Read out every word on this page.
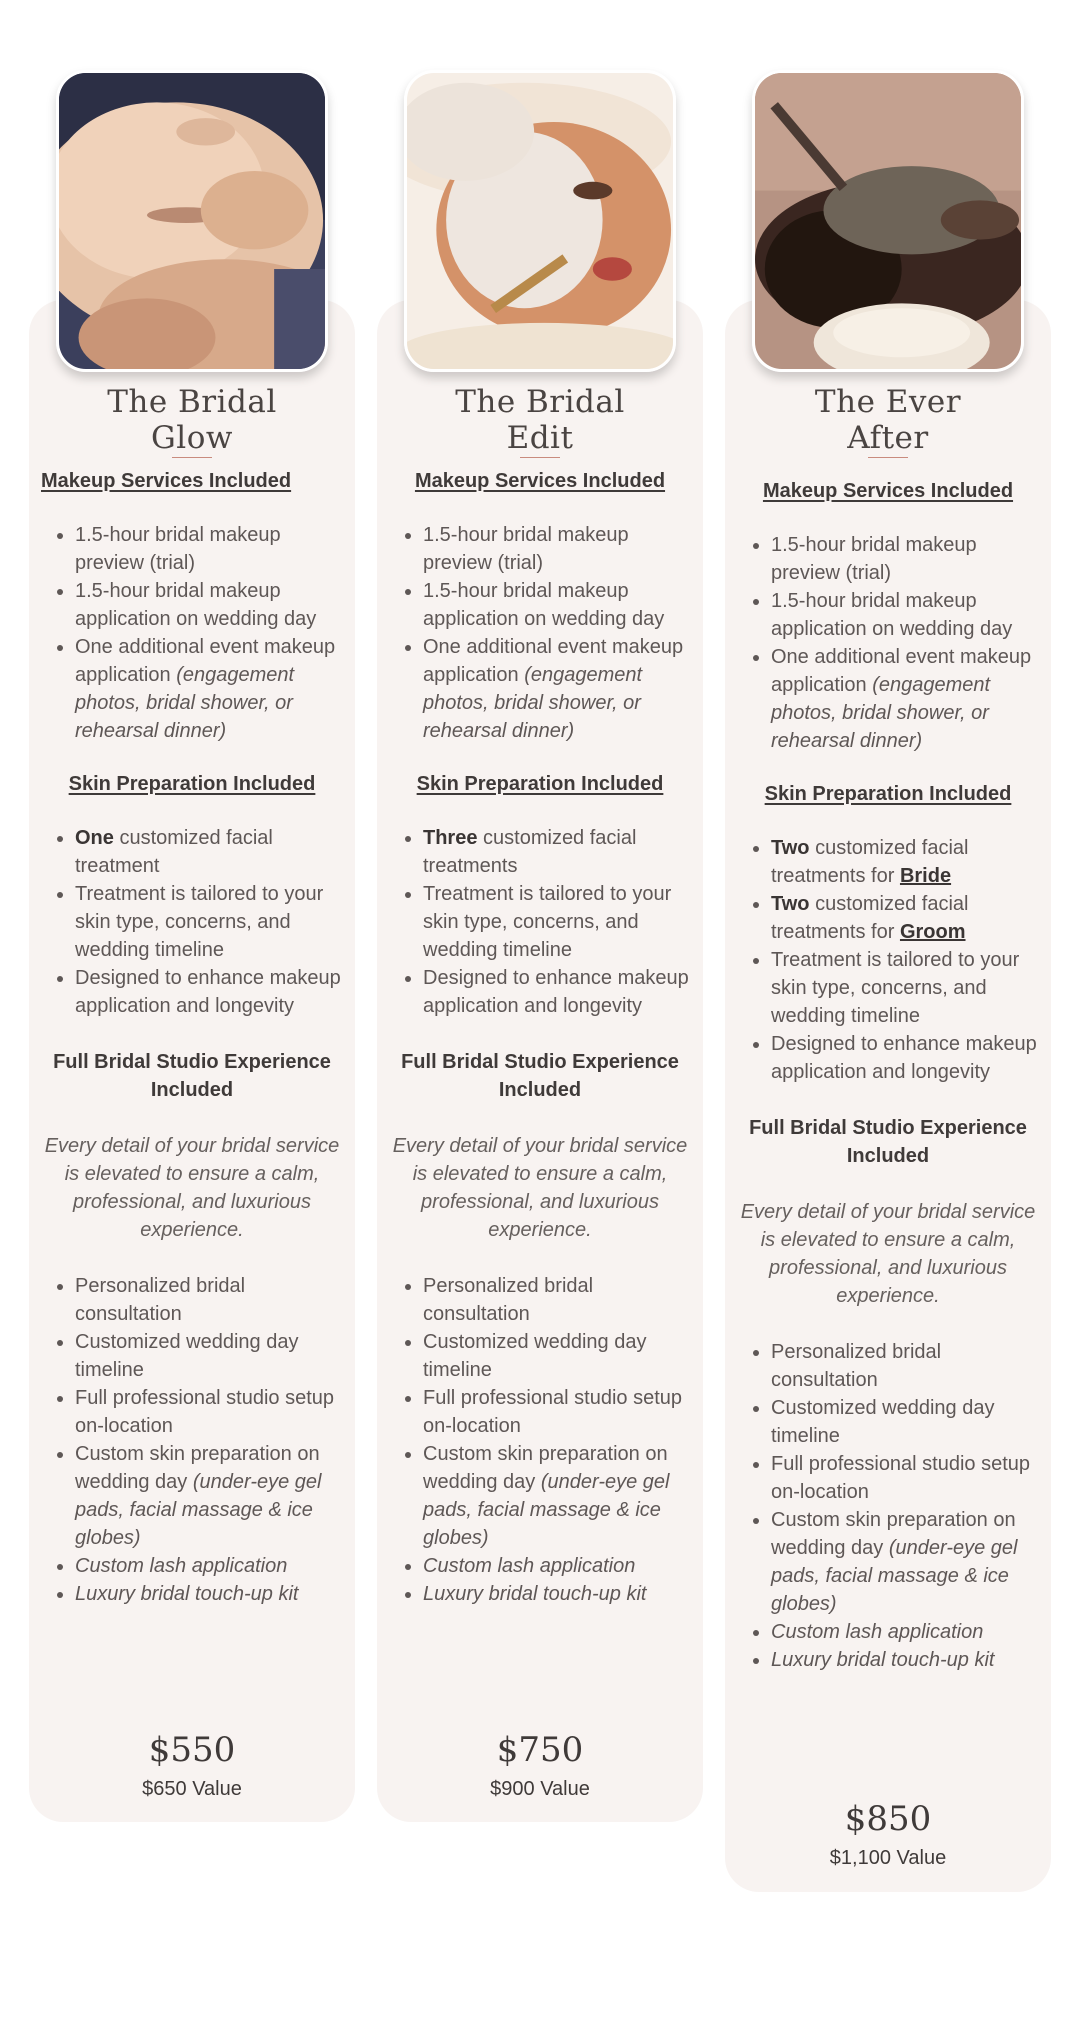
The Bridal
Glow
Makeup Services Included
• 1.5-hour bridal makeup preview (trial)
• 1.5-hour bridal makeup application on wedding day
• One additional event makeup application (engagement photos, bridal shower, or rehearsal dinner)
Skin Preparation Included
• One customized facial treatment
• Treatment is tailored to your skin type, concerns, and wedding timeline
• Designed to enhance makeup application and longevity
Full Bridal Studio Experience Included

Every detail of your bridal service is elevated to ensure a calm, professional, and luxurious experience.

• Personalized bridal consultation
• Customized wedding day timeline
• Full professional studio setup on-location
• Custom skin preparation on wedding day (under-eye gel pads, facial massage & ice globes)
• Custom lash application
• Luxury bridal touch-up kit
$550
$650 Value
The Bridal
Edit
Makeup Services Included
• 1.5-hour bridal makeup preview (trial)
• 1.5-hour bridal makeup application on wedding day
• One additional event makeup application (engagement photos, bridal shower, or rehearsal dinner)
Skin Preparation Included
• Three customized facial treatments
• Treatment is tailored to your skin type, concerns, and wedding timeline
• Designed to enhance makeup application and longevity
Full Bridal Studio Experience Included

Every detail of your bridal service is elevated to ensure a calm, professional, and luxurious experience.

• Personalized bridal consultation
• Customized wedding day timeline
• Full professional studio setup on-location
• Custom skin preparation on wedding day (under-eye gel pads, facial massage & ice globes)
• Custom lash application
• Luxury bridal touch-up kit
$750
$900 Value
The Ever
After
Makeup Services Included
• 1.5-hour bridal makeup preview (trial)
• 1.5-hour bridal makeup application on wedding day
• One additional event makeup application (engagement photos, bridal shower, or rehearsal dinner)
Skin Preparation Included
• Two customized facial treatments for Bride
• Two customized facial treatments for Groom
• Treatment is tailored to your skin type, concerns, and wedding timeline
• Designed to enhance makeup application and longevity
Full Bridal Studio Experience Included

Every detail of your bridal service is elevated to ensure a calm, professional, and luxurious experience.

• Personalized bridal consultation
• Customized wedding day timeline
• Full professional studio setup on-location
• Custom skin preparation on wedding day (under-eye gel pads, facial massage & ice globes)
• Custom lash application
• Luxury bridal touch-up kit
$850
$1,100 Value
